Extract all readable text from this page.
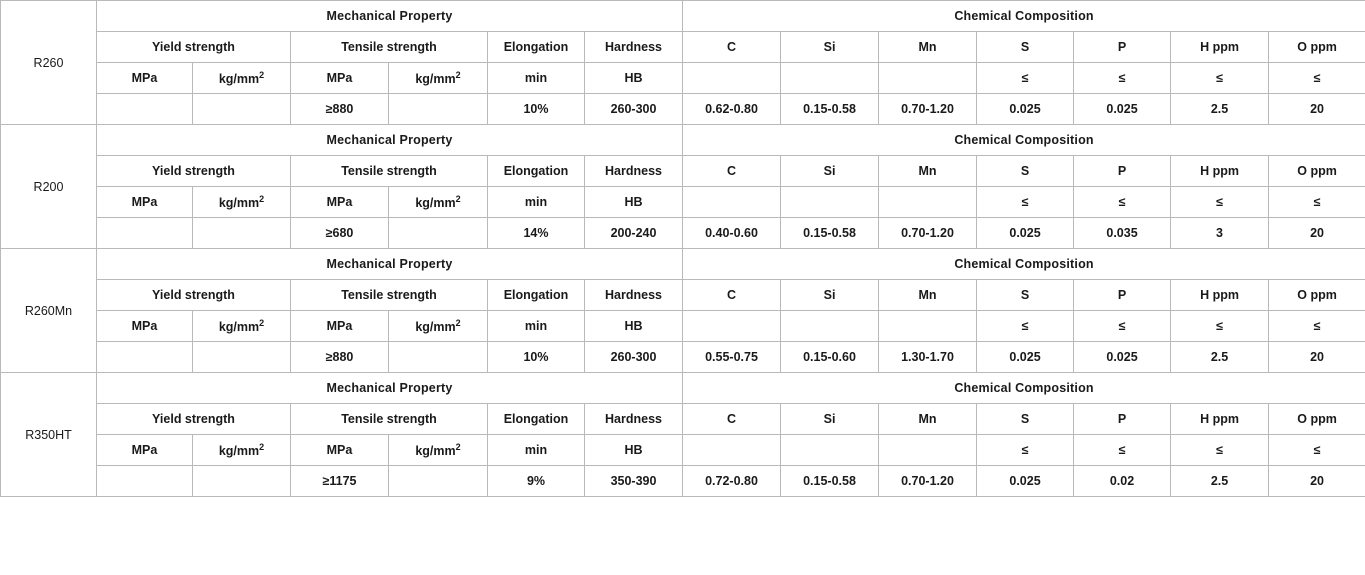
R260	Mechanical Property						Chemical Composition						
	Yield strength		Tensile strength		Elongation	Hardness	C	Si	Mn	S	P	H ppm	O ppm
	MPa	$kg/mm^2$	MPa	$kg/mm^2$	min	HB				≤	≤	≤	≤
			≥880		10%	260-300	0.62-0.80	0.15-0.58	0.70-1.20	0.025	0.025	2.5	20
R200	Mechanical Property						Chemical Composition						
	Yield strength		Tensile strength		Elongation	Hardness	C	Si	Mn	S	P	H ppm	O ppm
	MPa	$kg/mm^2$	MPa	$kg/mm^2$	min	HB				≤	≤	≤	≤
			≥680		14%	200-240	0.40-0.60	0.15-0.58	0.70-1.20	0.025	0.035	3	20
R260Mn	Mechanical Property						Chemical Composition						
	Yield strength		Tensile strength		Elongation	Hardness	C	Si	Mn	S	P	H ppm	O ppm
	MPa	$kg/mm^2$	MPa	$kg/mm^2$	min	HB				≤	≤	≤	≤
			≥880		10%	260-300	0.55-0.75	0.15-0.60	1.30-1.70	0.025	0.025	2.5	20
R350HT	Mechanical Property						Chemical Composition						
	Yield strength		Tensile strength		Elongation	Hardness	C	Si	Mn	S	P	H ppm	O ppm
	MPa	$kg/mm^2$	MPa	$kg/mm^2$	min	HB				≤	≤	≤	≤
			≥1175		9%	350-390	0.72-0.80	0.15-0.58	0.70-1.20	0.025	0.02	2.5	20
